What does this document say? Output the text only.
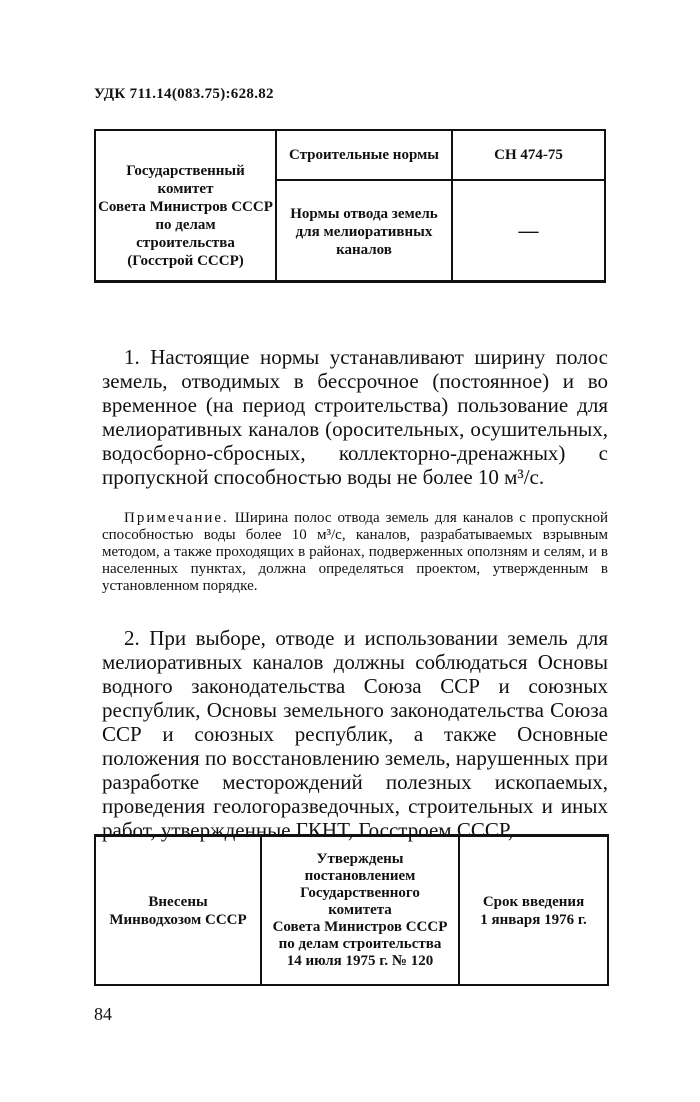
УДК 711.14(083.75):628.82
Государственный
комитет
Совета Министров СССР
по делам
строительства
(Госстрой СССР)
Строительные нормы
Нормы отвода земель
для мелиоративных
каналов
СН 474-75
—

1. Настоящие нормы устанавливают ширину полос земель, отводимых в бессрочное (постоянное) и во временное (на период строительства) пользование для мелиоративных каналов (оросительных, осушительных, водосборно-сбросных, коллекторно-дренажных) с пропускной способностью воды не более 10 м³/с.

Примечание. Ширина полос отвода земель для каналов с пропускной способностью воды более 10 м³/с, каналов, разрабатываемых взрывным методом, а также проходящих в районах, подверженных оползням и селям, и в населенных пунктах, должна определяться проектом, утвержденным в установленном порядке.

2. При выборе, отводе и использовании земель для мелиоративных каналов должны соблюдаться Основы водного законодательства Союза ССР и союзных республик, Основы земельного законодательства Союза ССР и союзных республик, а также Основные положения по восстановлению земель, нарушенных при разработке месторождений полезных ископаемых, проведения геологоразведочных, строительных и иных работ, утвержденные ГКНТ, Госстроем СССР,

Внесены
Минводхозом СССР
Утверждены
постановлением
Государственного
комитета
Совета Министров СССР
по делам строительства
14 июля 1975 г. № 120
Срок введения
1 января 1976 г.
84
